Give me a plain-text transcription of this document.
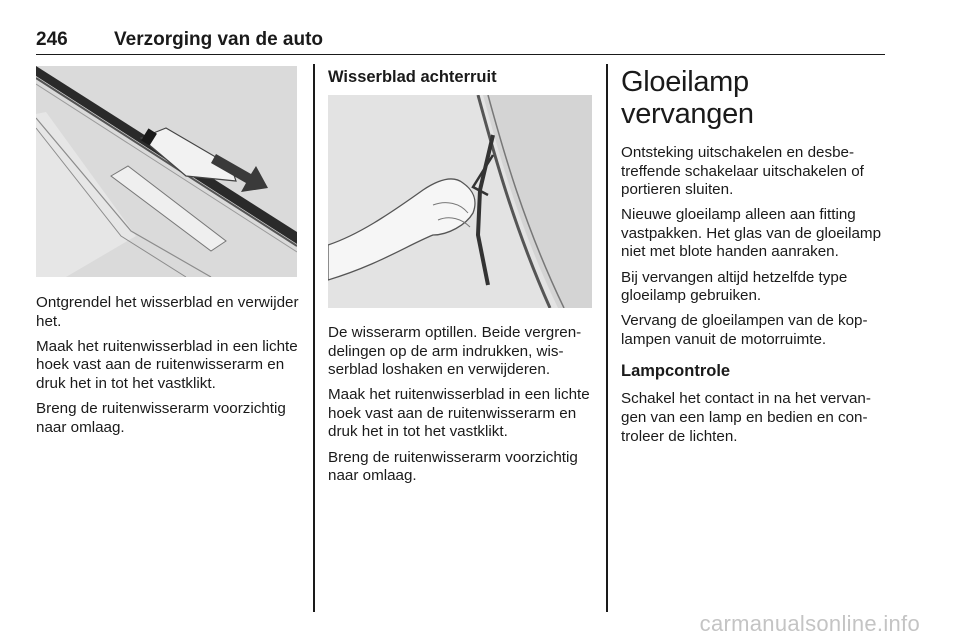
246 Verzorging van de auto

Ontgrendel het wisserblad en verwijder het.

Maak het ruitenwisserblad in een lichte hoek vast aan de ruitenwisserarm en druk het in tot het vastklikt.

Breng de ruitenwisserarm voorzichtig naar omlaag.

Wisserblad achterruit

De wisserarm optillen. Beide vergrendelingen op de arm indrukken, wisserblad loshaken en verwijderen.

Maak het ruitenwisserblad in een lichte hoek vast aan de ruitenwisserarm en druk het in tot het vastklikt.

Breng de ruitenwisserarm voorzichtig naar omlaag.

Gloeilamp vervangen

Ontsteking uitschakelen en desbetreffende schakelaar uitschakelen of portieren sluiten.

Nieuwe gloeilamp alleen aan fitting vastpakken. Het glas van de gloeilamp niet met blote handen aanraken.

Bij vervangen altijd hetzelfde type gloeilamp gebruiken.

Vervang de gloeilampen van de koplampen vanuit de motorruimte.

Lampcontrole

Schakel het contact in na het vervangen van een lamp en bedien en controleer de lichten.

carmanualsonline.info
